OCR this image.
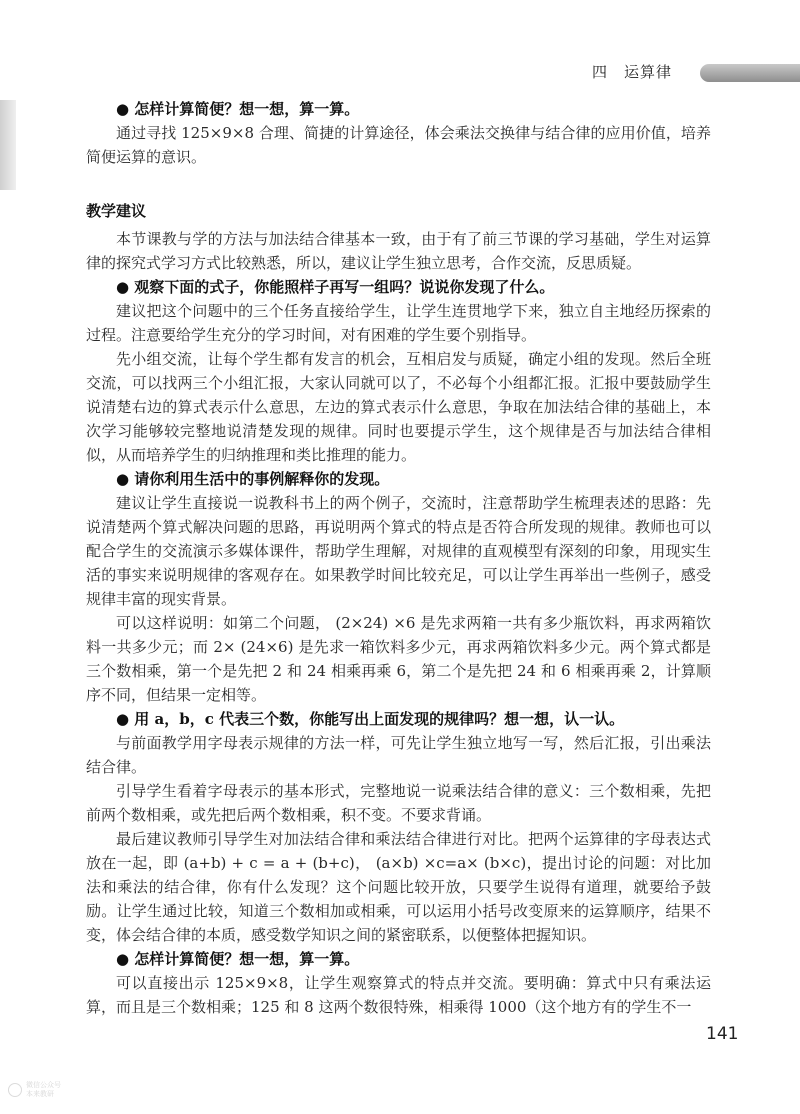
四　运算律

● 怎样计算简便？想一想，算一算。

通过寻找 125×9×8 合理、简捷的计算途径，体会乘法交换律与结合律的应用价值，培养简便运算的意识。

教学建议

本节课教与学的方法与加法结合律基本一致，由于有了前三节课的学习基础，学生对运算律的探究式学习方式比较熟悉，所以，建议让学生独立思考，合作交流，反思质疑。

● 观察下面的式子，你能照样子再写一组吗？说说你发现了什么。

建议把这个问题中的三个任务直接给学生，让学生连贯地学下来，独立自主地经历探索的过程。注意要给学生充分的学习时间，对有困难的学生要个别指导。

先小组交流，让每个学生都有发言的机会，互相启发与质疑，确定小组的发现。然后全班交流，可以找两三个小组汇报，大家认同就可以了，不必每个小组都汇报。汇报中要鼓励学生说清楚右边的算式表示什么意思，左边的算式表示什么意思，争取在加法结合律的基础上，本次学习能够较完整地说清楚发现的规律。同时也要提示学生，这个规律是否与加法结合律相似，从而培养学生的归纳推理和类比推理的能力。

● 请你利用生活中的事例解释你的发现。

建议让学生直接说一说教科书上的两个例子，交流时，注意帮助学生梳理表述的思路：先说清楚两个算式解决问题的思路，再说明两个算式的特点是否符合所发现的规律。教师也可以配合学生的交流演示多媒体课件，帮助学生理解，对规律的直观模型有深刻的印象，用现实生活的事实来说明规律的客观存在。如果教学时间比较充足，可以让学生再举出一些例子，感受规律丰富的现实背景。

可以这样说明：如第二个问题， (2×24) ×6 是先求两箱一共有多少瓶饮料，再求两箱饮料一共多少元；而 2× (24×6) 是先求一箱饮料多少元，再求两箱饮料多少元。两个算式都是三个数相乘，第一个是先把 2 和 24 相乘再乘 6，第二个是先把 24 和 6 相乘再乘 2，计算顺序不同，但结果一定相等。

● 用 a，b，c 代表三个数，你能写出上面发现的规律吗？想一想，认一认。

与前面教学用字母表示规律的方法一样，可先让学生独立地写一写，然后汇报，引出乘法结合律。

引导学生看着字母表示的基本形式，完整地说一说乘法结合律的意义：三个数相乘，先把前两个数相乘，或先把后两个数相乘，积不变。不要求背诵。

最后建议教师引导学生对加法结合律和乘法结合律进行对比。把两个运算律的字母表达式放在一起，即 (a+b) + c = a + (b+c)， (a×b) ×c=a× (b×c)，提出讨论的问题：对比加法和乘法的结合律，你有什么发现？这个问题比较开放，只要学生说得有道理，就要给予鼓励。让学生通过比较，知道三个数相加或相乘，可以运用小括号改变原来的运算顺序，结果不变，体会结合律的本质，感受数学知识之间的紧密联系，以便整体把握知识。

● 怎样计算简便？想一想，算一算。

可以直接出示 125×9×8，让学生观察算式的特点并交流。要明确：算式中只有乘法运算，而且是三个数相乘；125 和 8 这两个数很特殊，相乘得 1000（这个地方有的学生不一

141
微信公众号
本来教研
